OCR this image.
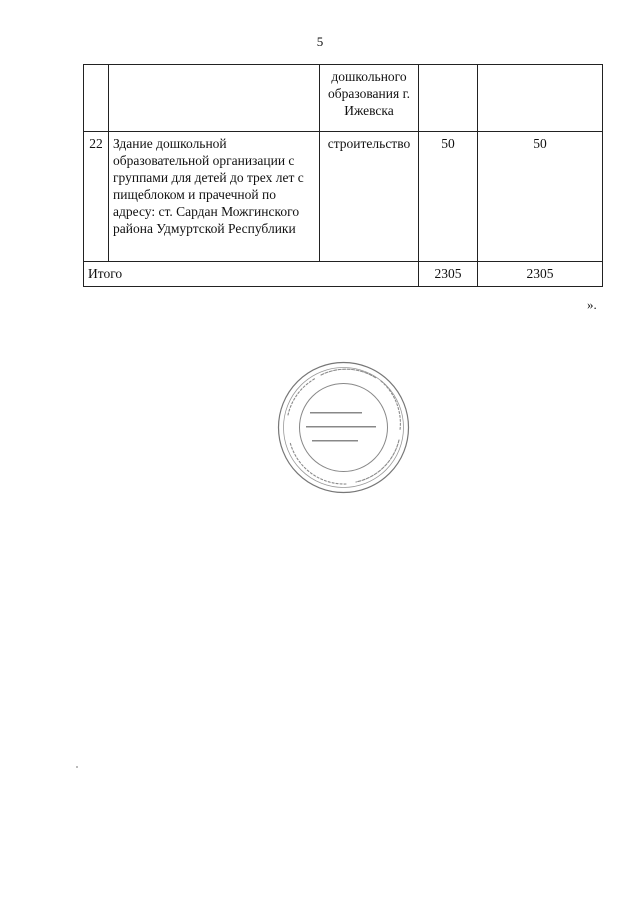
5
		дошкольного образования г. Ижевска		
22	Здание дошкольной образовательной организации с группами для детей до трех лет с пищеблоком и прачечной по адресу: ст. Сардан Можгинского района Удмуртской Республики	строительство	50	50
Итого			2305	2305
».
